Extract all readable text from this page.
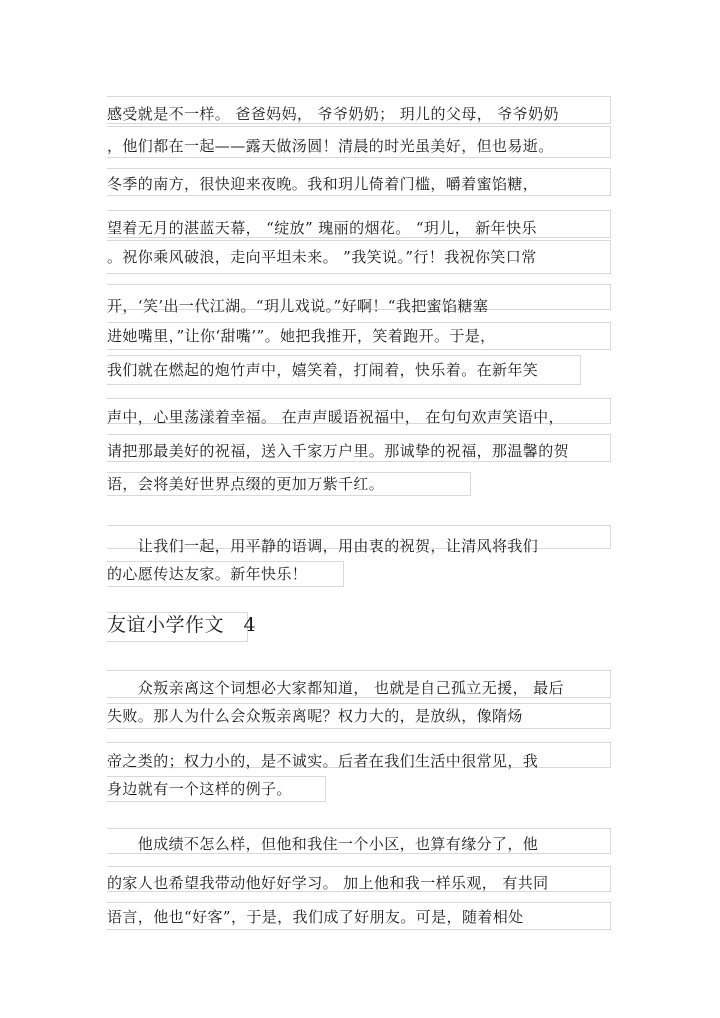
感受就是不一样。 爸爸妈妈， 爷爷奶奶； 玥儿的父母， 爷爷奶奶
，他们都在一起——露天做汤圆！清晨的时光虽美好，但也易逝。
冬季的南方，很快迎来夜晚。我和玥儿倚着门槛，嚼着蜜馅糖，
望着无月的湛蓝天幕， “绽放” 瑰丽的烟花。 “玥儿， 新年快乐
。祝你乘风破浪，走向平坦未来。 ”我笑说。”行！我祝你笑口常
开，‘笑’出一代江湖。“玥儿戏说。”好啊！“我把蜜馅糖塞
进她嘴里，”让你‘甜嘴’”。她把我推开，笑着跑开。于是，
我们就在燃起的炮竹声中，嬉笑着，打闹着，快乐着。在新年笑
声中，心里荡漾着幸福。 在声声暖语祝福中， 在句句欢声笑语中，
请把那最美好的祝福，送入千家万户里。那诚挚的祝福，那温馨的贺
语，会将美好世界点缀的更加万紫千红。
　　让我们一起，用平静的语调，用由衷的祝贺，让清风将我们
的心愿传达友家。新年快乐！
友谊小学作文　4
　　众叛亲离这个词想必大家都知道， 也就是自己孤立无援， 最后
失败。那人为什么会众叛亲离呢？权力大的，是放纵，像隋炀
帝之类的；权力小的，是不诚实。后者在我们生活中很常见，我
身边就有一个这样的例子。
　　他成绩不怎么样，但他和我住一个小区，也算有缘分了，他
的家人也希望我带动他好好学习。 加上他和我一样乐观， 有共同
语言，他也“好客”，于是，我们成了好朋友。可是，随着相处
